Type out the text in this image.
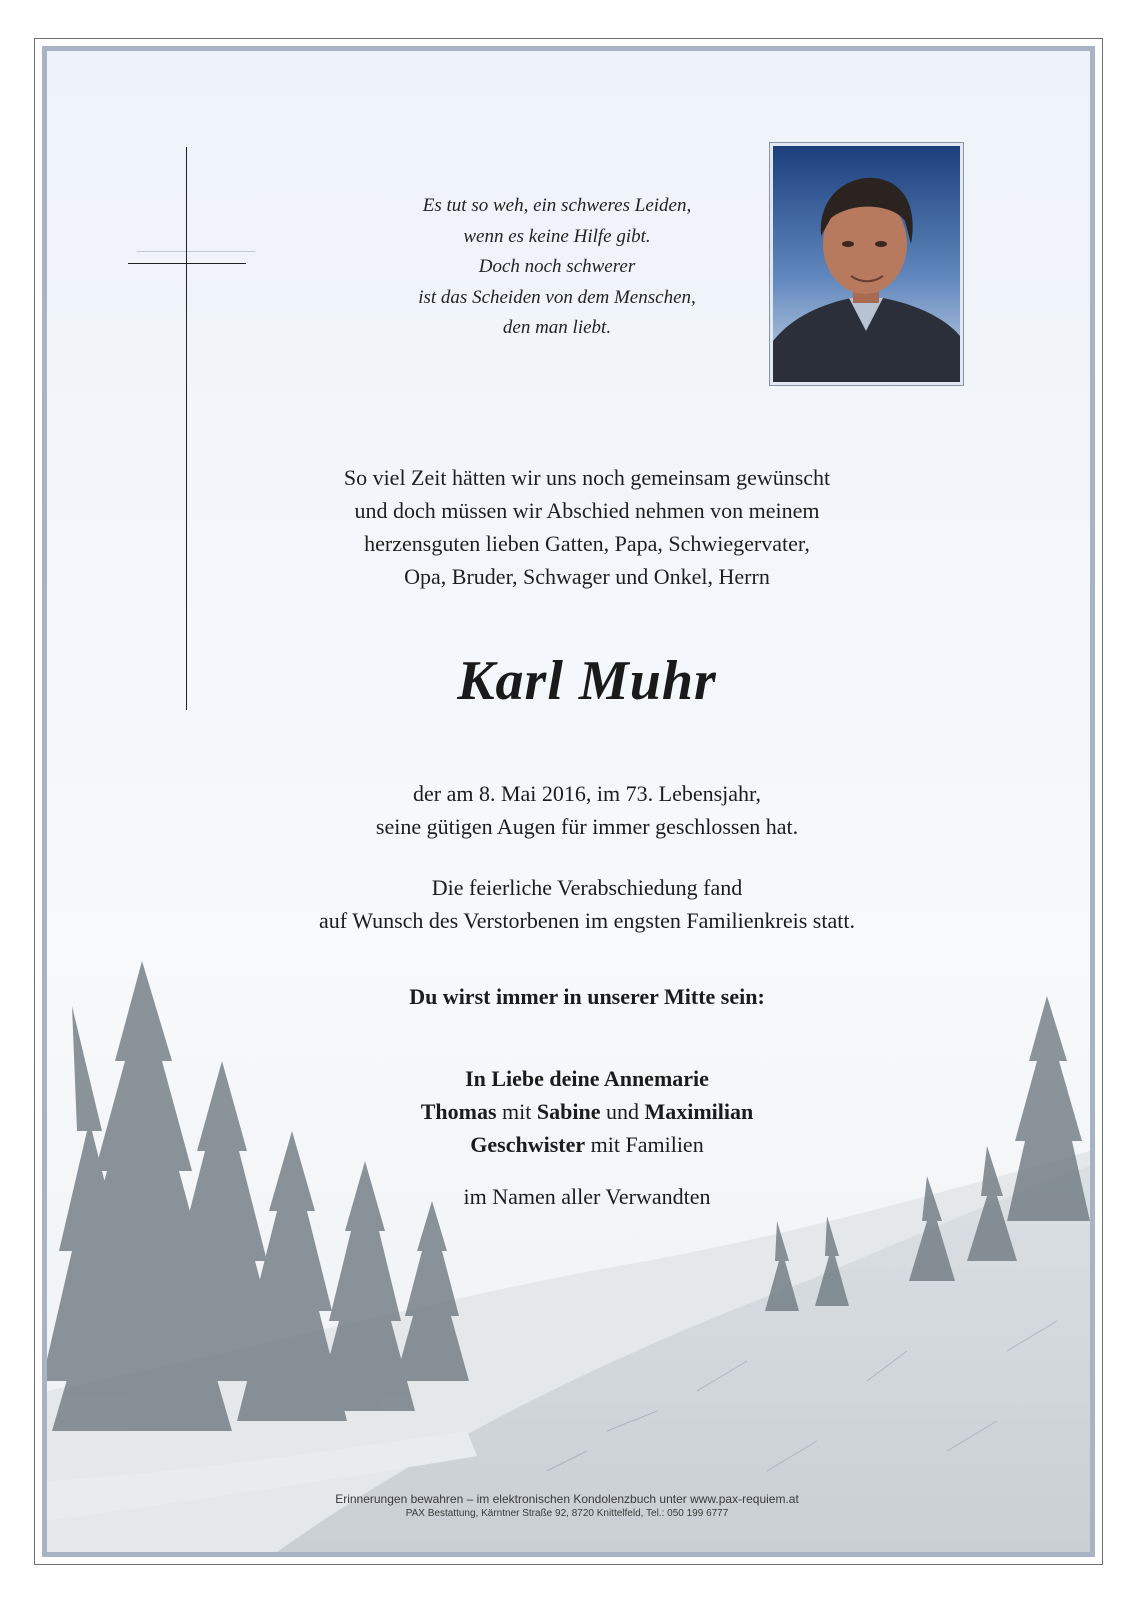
Es tut so weh, ein schweres Leiden,
wenn es keine Hilfe gibt.
Doch noch schwerer
ist das Scheiden von dem Menschen,
den man liebt.
So viel Zeit hätten wir uns noch gemeinsam gewünscht
und doch müssen wir Abschied nehmen von meinem
herzensguten lieben Gatten, Papa, Schwiegervater,
Opa, Bruder, Schwager und Onkel, Herrn
Karl Muhr
der am 8. Mai 2016, im 73. Lebensjahr,
seine gütigen Augen für immer geschlossen hat.
Die feierliche Verabschiedung fand
auf Wunsch des Verstorbenen im engsten Familienkreis statt.
Du wirst immer in unserer Mitte sein:
In Liebe deine Annemarie
Thomas mit Sabine und Maximilian
Geschwister mit Familien
im Namen aller Verwandten
Erinnerungen bewahren – im elektronischen Kondolenzbuch unter www.pax-requiem.at
PAX Bestattung, Kärntner Straße 92, 8720 Knittelfeld, Tel.: 050 199 6777
